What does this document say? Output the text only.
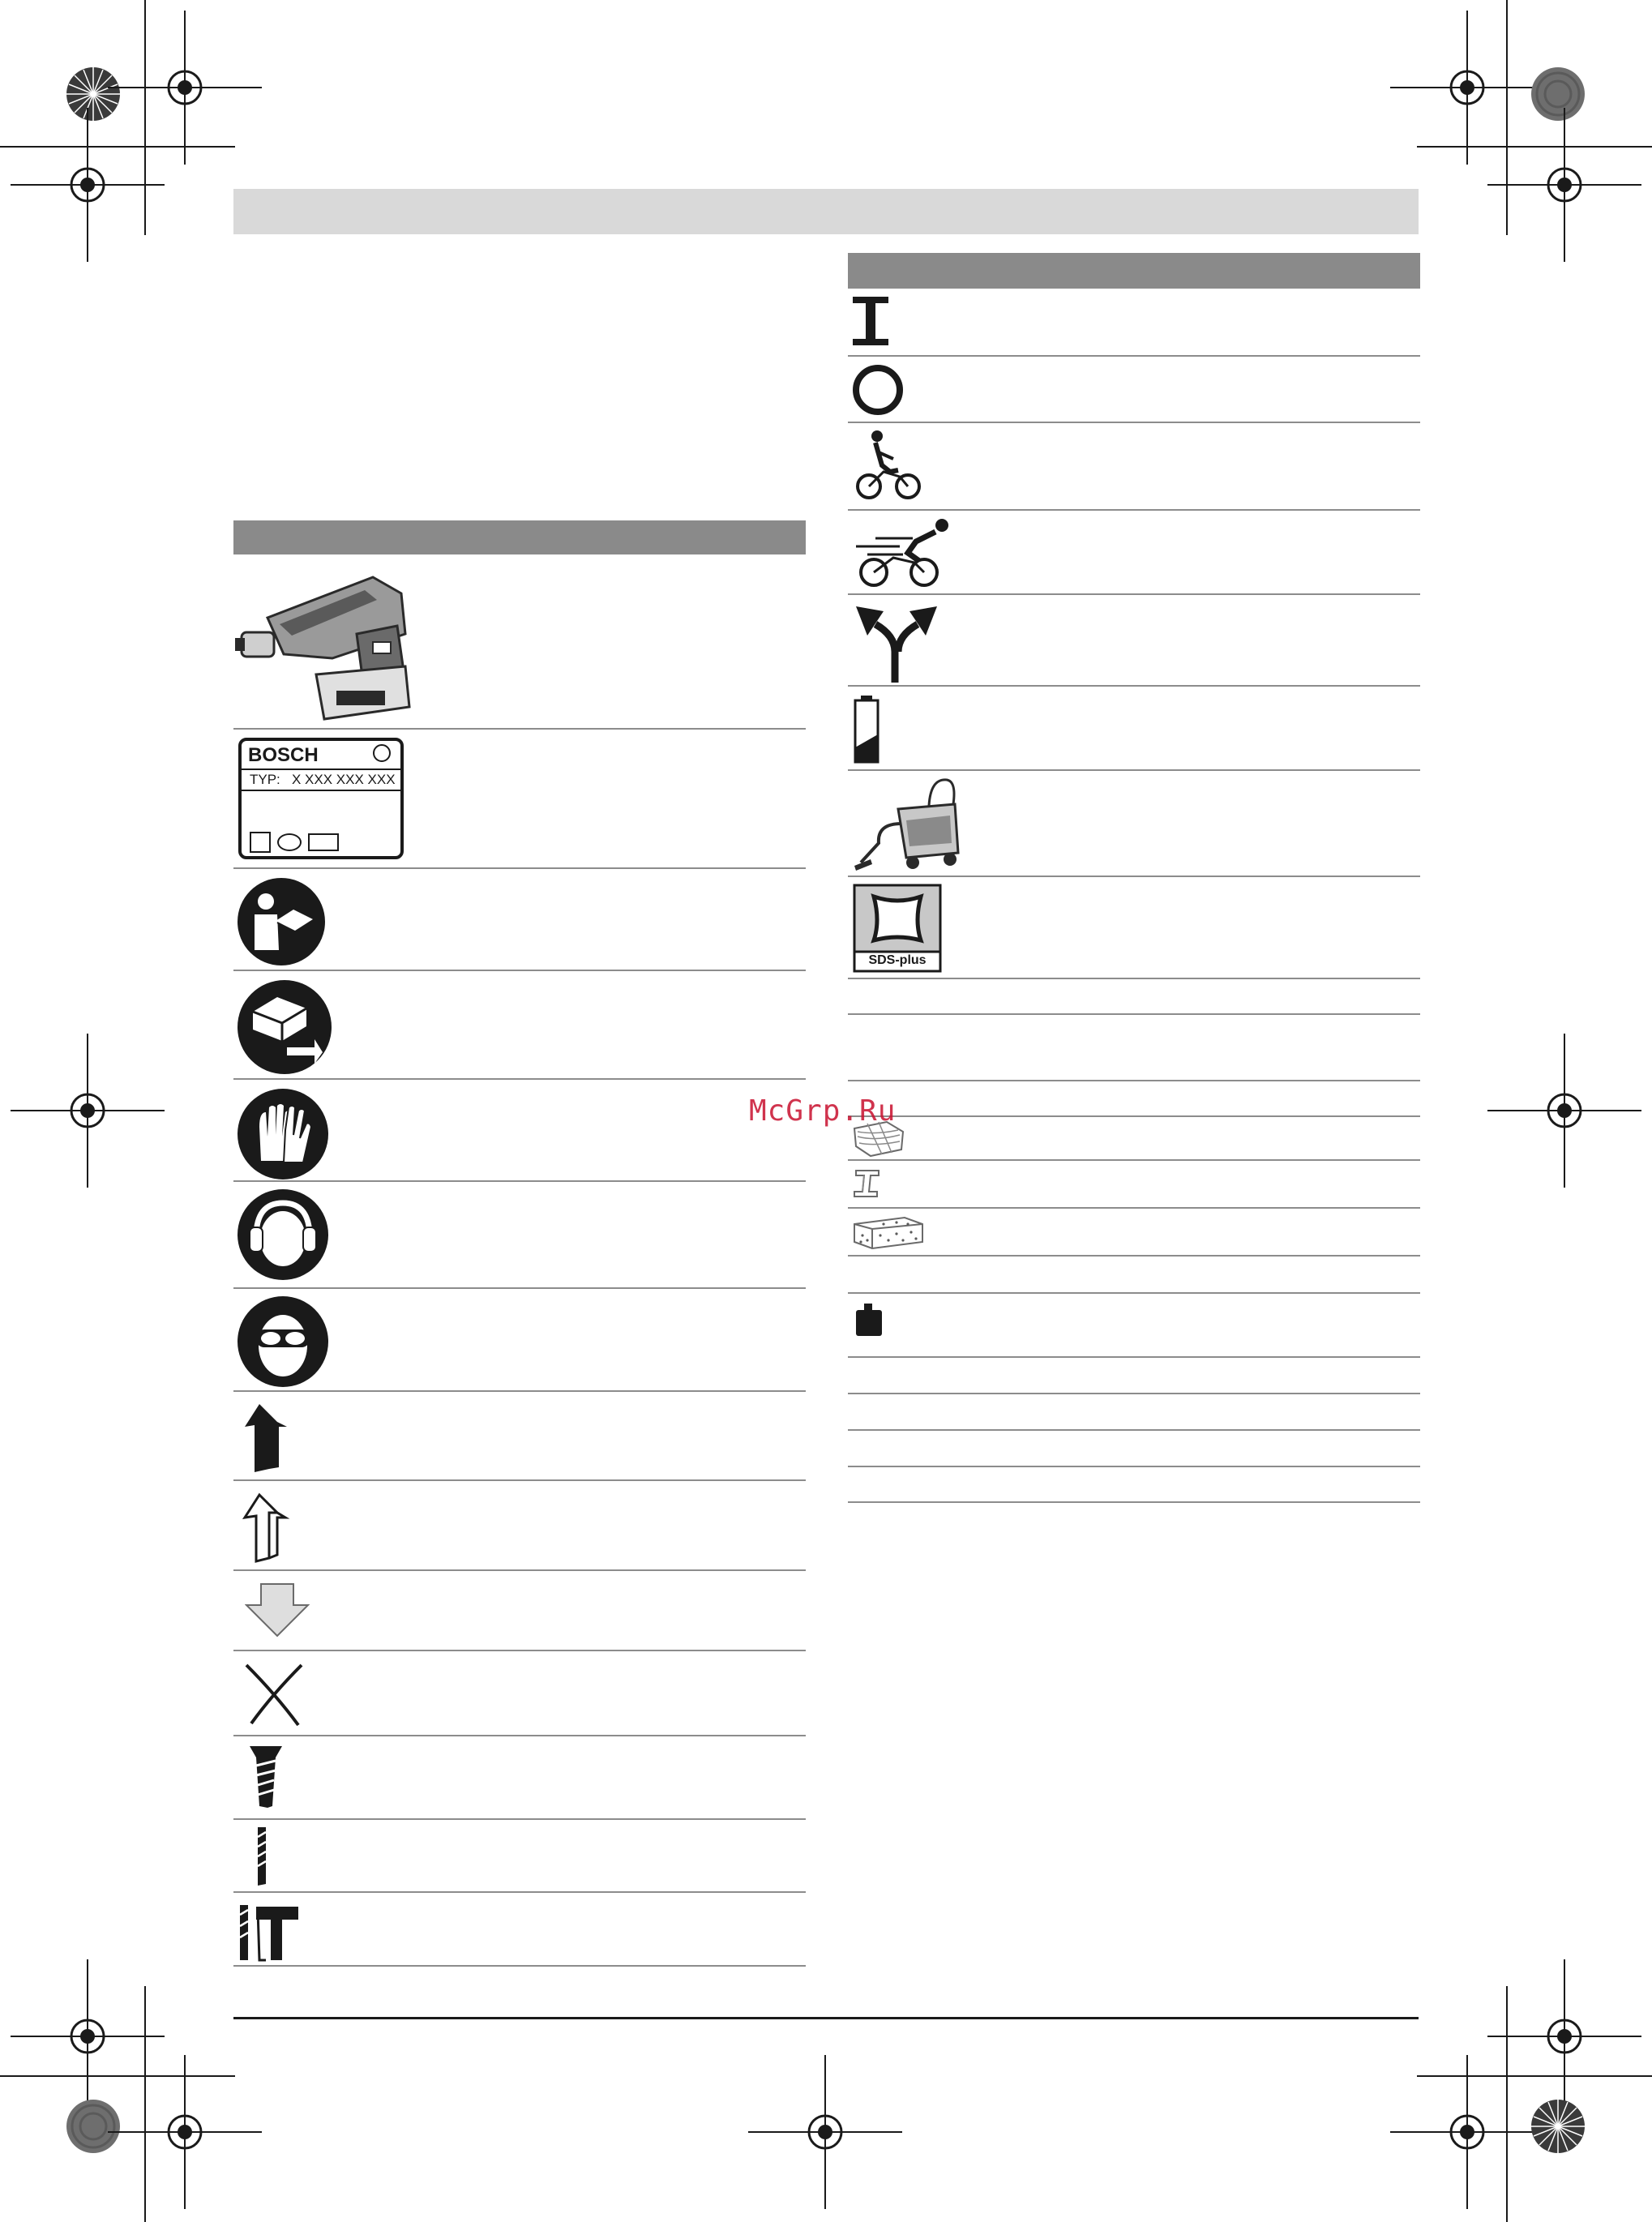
BOSCH
TYP: X XXX XXX XXX
SDS-plus
McGrp.Ru
